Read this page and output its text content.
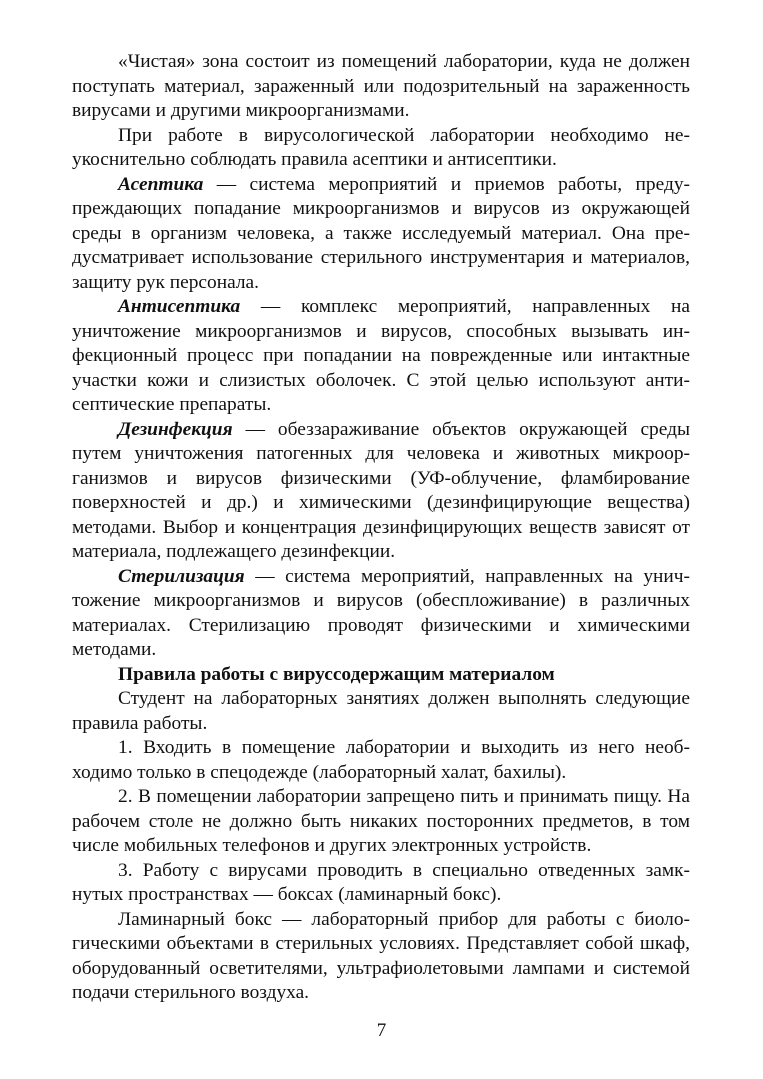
«Чистая» зона состоит из помещений лаборатории, куда не должен поступать материал, зараженный или подозрительный на зараженность вирусами и другими микроорганизмами.

При работе в вирусологической лаборатории необходимо неукоснительно соблюдать правила асептики и антисептики.

Асептика — система мероприятий и приемов работы, предупреждающих попадание микроорганизмов и вирусов из окружающей среды в организм человека, а также исследуемый материал. Она предусматривает использование стерильного инструментария и материалов, защиту рук персонала.

Антисептика — комплекс мероприятий, направленных на уничтожение микроорганизмов и вирусов, способных вызывать инфекционный процесс при попадании на поврежденные или интактные участки кожи и слизистых оболочек. С этой целью используют антисептические препараты.

Дезинфекция — обеззараживание объектов окружающей среды путем уничтожения патогенных для человека и животных микроорганизмов и вирусов физическими (УФ-облучение, фламбирование поверхностей и др.) и химическими (дезинфицирующие вещества) методами. Выбор и концентрация дезинфицирующих веществ зависят от материала, подлежащего дезинфекции.

Стерилизация — система мероприятий, направленных на уничтожение микроорганизмов и вирусов (обеспложивание) в различных материалах. Стерилизацию проводят физическими и химическими методами.

Правила работы с вируссодержащим материалом

Студент на лабораторных занятиях должен выполнять следующие правила работы.

1. Входить в помещение лаборатории и выходить из него необходимо только в спецодежде (лабораторный халат, бахилы).

2. В помещении лаборатории запрещено пить и принимать пищу. На рабочем столе не должно быть никаких посторонних предметов, в том числе мобильных телефонов и других электронных устройств.

3. Работу с вирусами проводить в специально отведенных замкнутых пространствах — боксах (ламинарный бокс).

Ламинарный бокс — лабораторный прибор для работы с биологическими объектами в стерильных условиях. Представляет собой шкаф, оборудованный осветителями, ультрафиолетовыми лампами и системой подачи стерильного воздуха.

7
